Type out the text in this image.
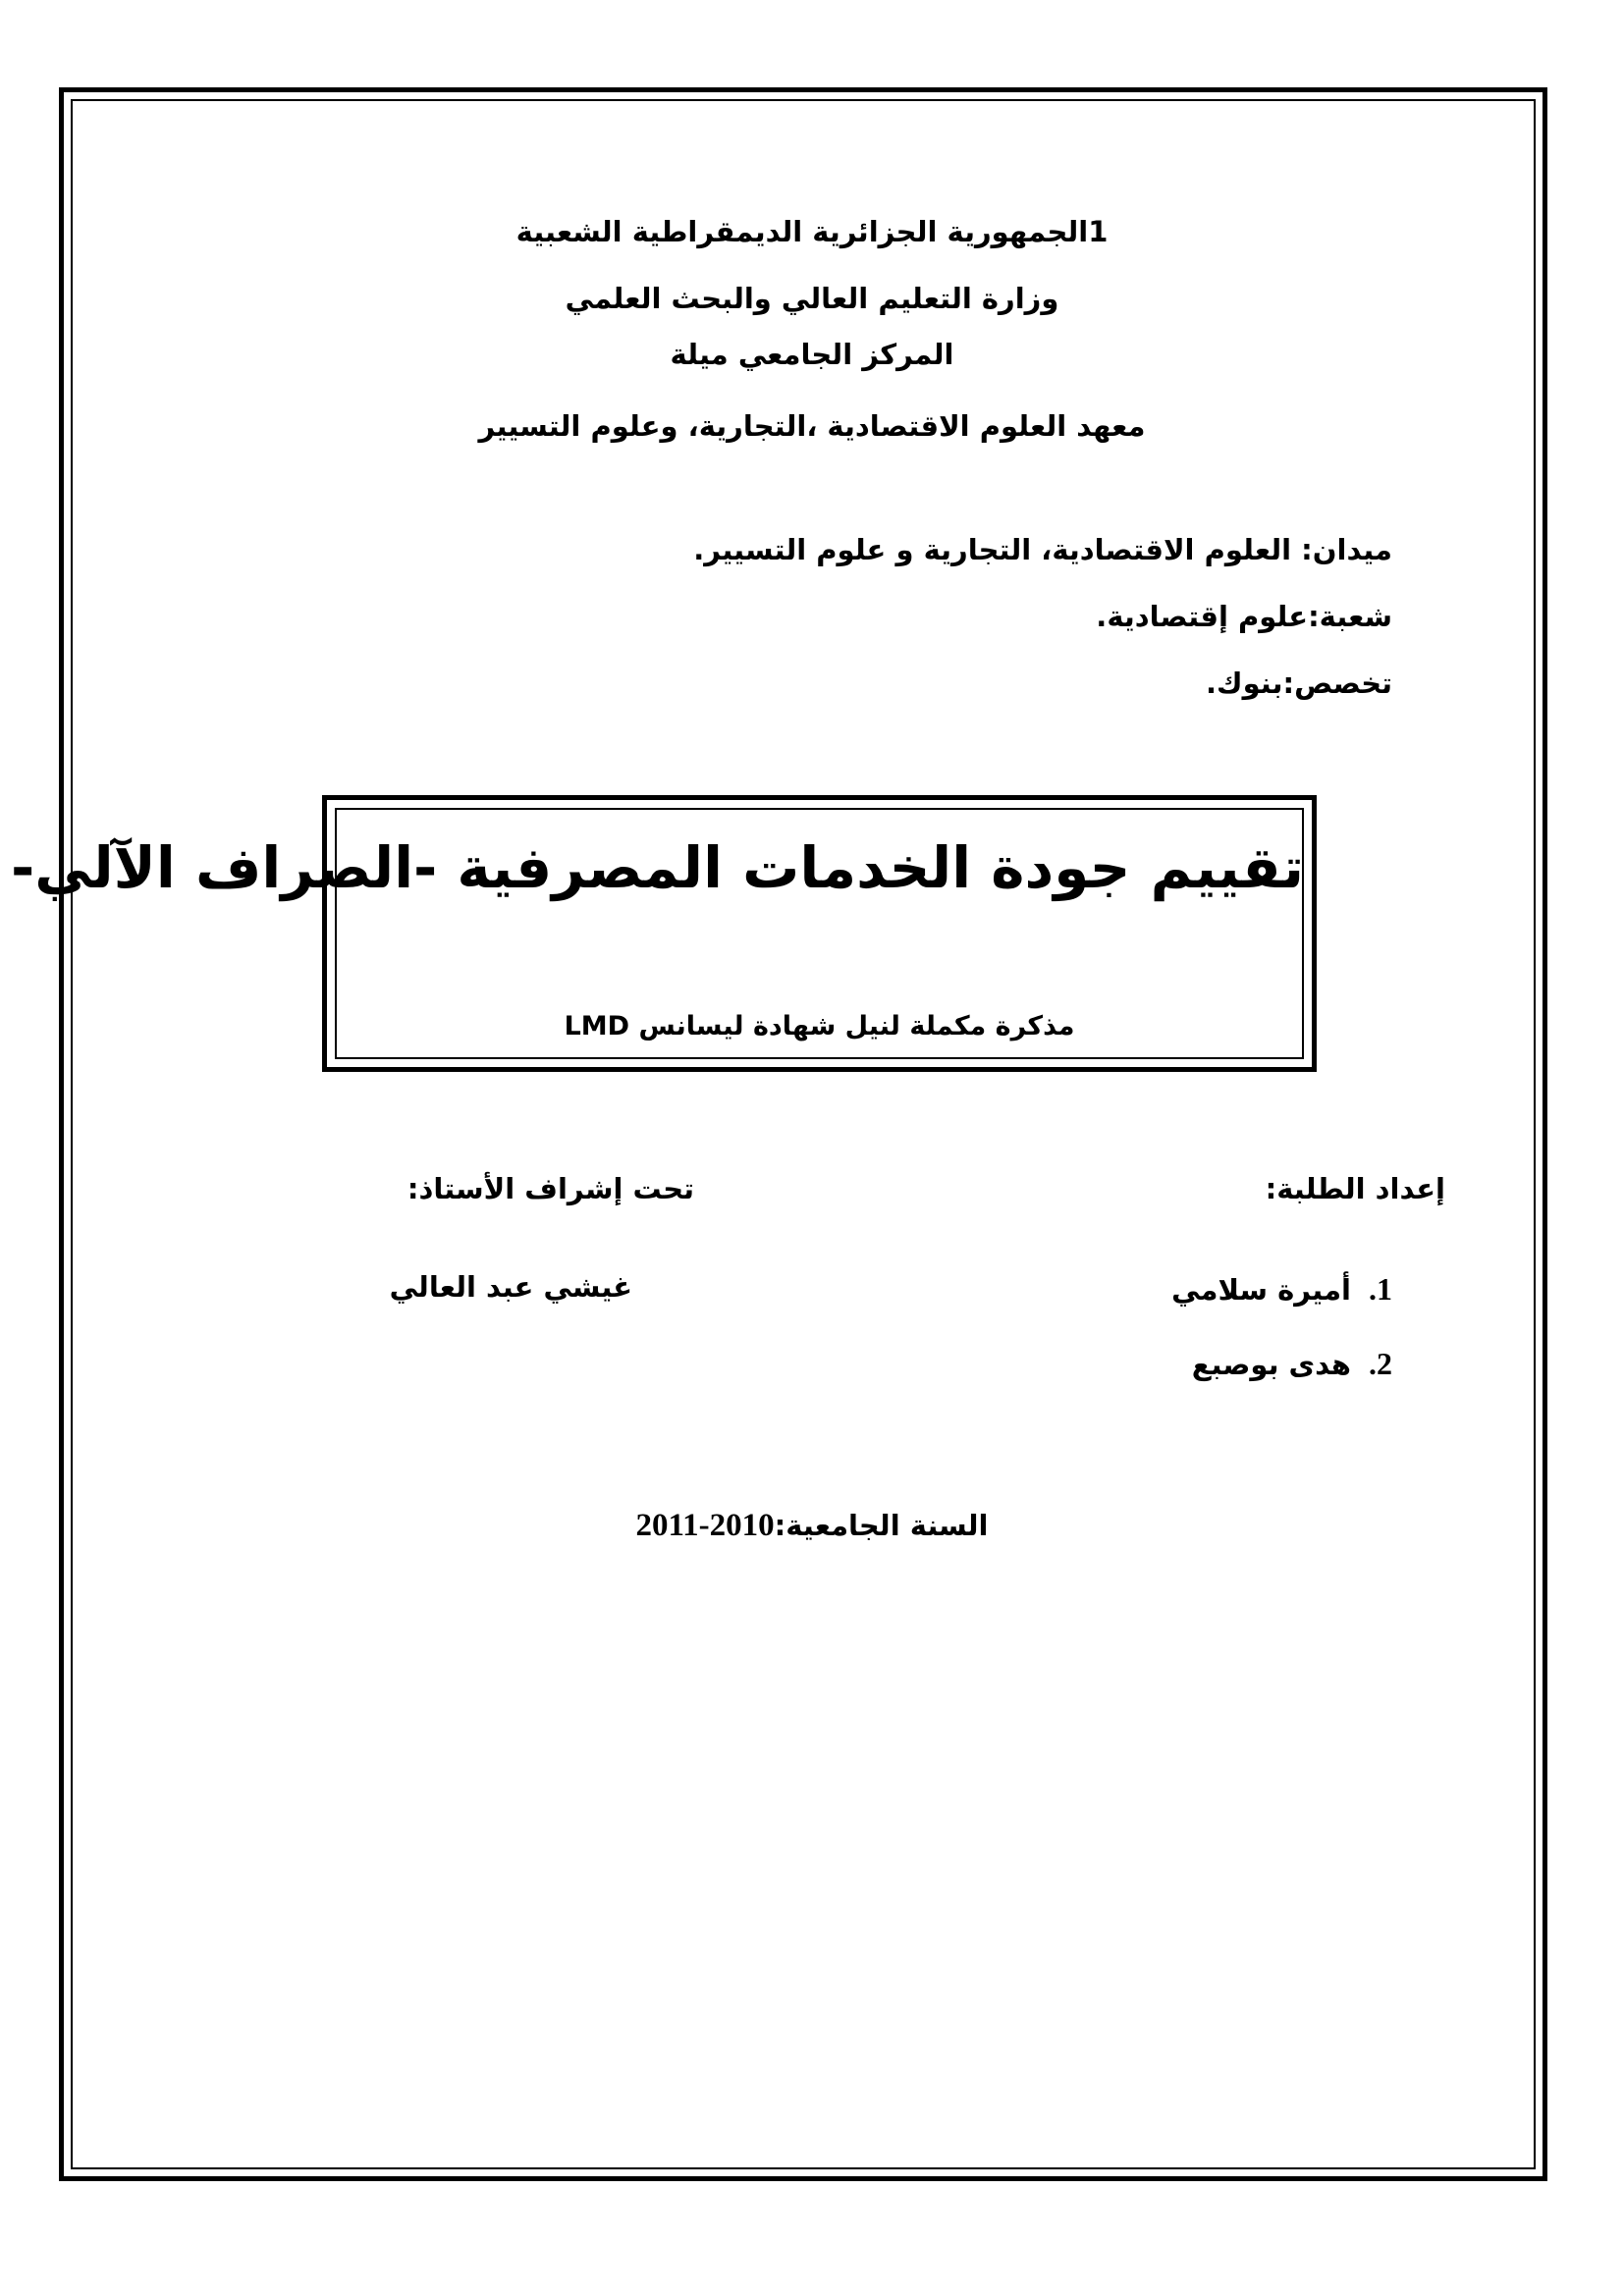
1الجمهورية الجزائرية الديمقراطية الشعبية
وزارة التعليم العالي والبحث العلمي
المركز الجامعي ميلة
معهد العلوم الاقتصادية ،التجارية، وعلوم التسيير
ميدان: العلوم الاقتصادية، التجارية و علوم التسيير.
شعبة:علوم إقتصادية.
تخصص:بنوك.
تقييم جودة الخدمات المصرفية -الصراف الآلي-
مذكرة مكملة لنيل شهادة ليسانس LMD
إعداد الطلبة:
تحت إشراف الأستاذ:
1.أميرة سلامي
2.هدى بوصبع
غيشي عبد العالي
السنة الجامعية:2010-2011
